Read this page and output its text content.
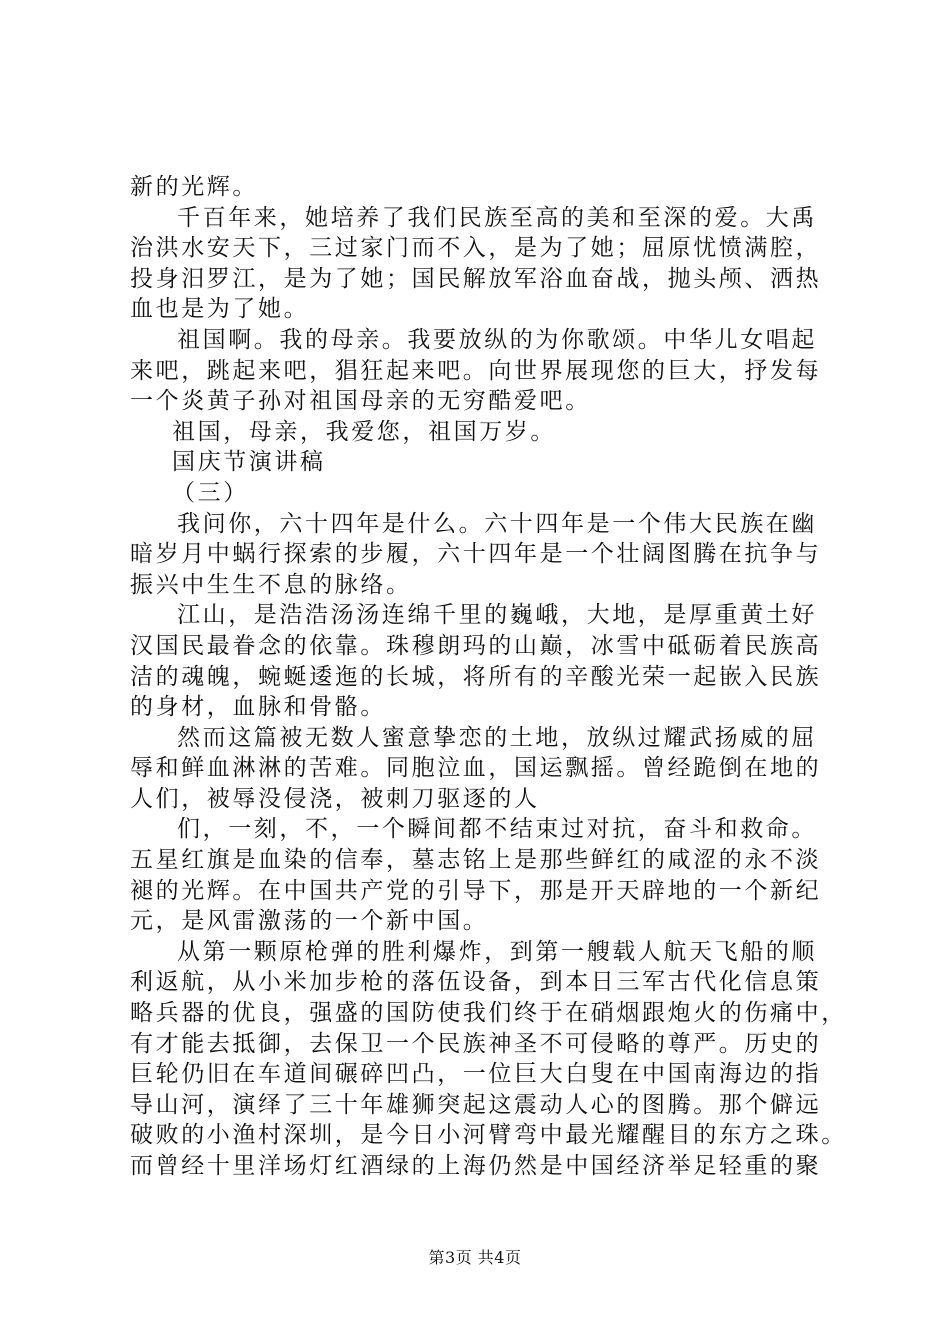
新的光辉。
千百年来，她培养了我们民族至高的美和至深的爱。大禹
治洪水安天下，三过家门而不入，是为了她；屈原忧愤满腔，
投身汨罗江，是为了她；国民解放军浴血奋战，抛头颅、洒热
血也是为了她。
祖国啊。我的母亲。我要放纵的为你歌颂。中华儿女唱起
来吧，跳起来吧，猖狂起来吧。向世界展现您的巨大，抒发每
一个炎黄子孙对祖国母亲的无穷酷爱吧。
祖国，母亲，我爱您，祖国万岁。
国庆节演讲稿
（三）
我问你，六十四年是什么。六十四年是一个伟大民族在幽
暗岁月中蜗行探索的步履，六十四年是一个壮阔图腾在抗争与
振兴中生生不息的脉络。
江山，是浩浩汤汤连绵千里的巍峨，大地，是厚重黄土好
汉国民最眷念的依靠。珠穆朗玛的山巅，冰雪中砥砺着民族高
洁的魂魄，蜿蜒逶迤的长城，将所有的辛酸光荣一起嵌入民族
的身材，血脉和骨骼。
然而这篇被无数人蜜意挚恋的土地，放纵过耀武扬威的屈
辱和鲜血淋淋的苦难。同胞泣血，国运飘摇。曾经跪倒在地的
人们，被辱没侵浇，被刺刀驱逐的人
们，一刻，不，一个瞬间都不结束过对抗，奋斗和救命。
五星红旗是血染的信奉，墓志铭上是那些鲜红的咸涩的永不淡
褪的光辉。在中国共产党的引导下，那是开天辟地的一个新纪
元，是风雷激荡的一个新中国。
从第一颗原枪弹的胜利爆炸，到第一艘载人航天飞船的顺
利返航，从小米加步枪的落伍设备，到本日三军古代化信息策
略兵器的优良，强盛的国防使我们终于在硝烟跟炮火的伤痛中，
有才能去抵御，去保卫一个民族神圣不可侵略的尊严。历史的
巨轮仍旧在车道间碾碎凹凸，一位巨大白叟在中国南海边的指
导山河，演绎了三十年雄狮突起这震动人心的图腾。那个僻远
破败的小渔村深圳，是今日小河臂弯中最光耀醒目的东方之珠。
而曾经十里洋场灯红酒绿的上海仍然是中国经济举足轻重的聚
第3页 共4页
